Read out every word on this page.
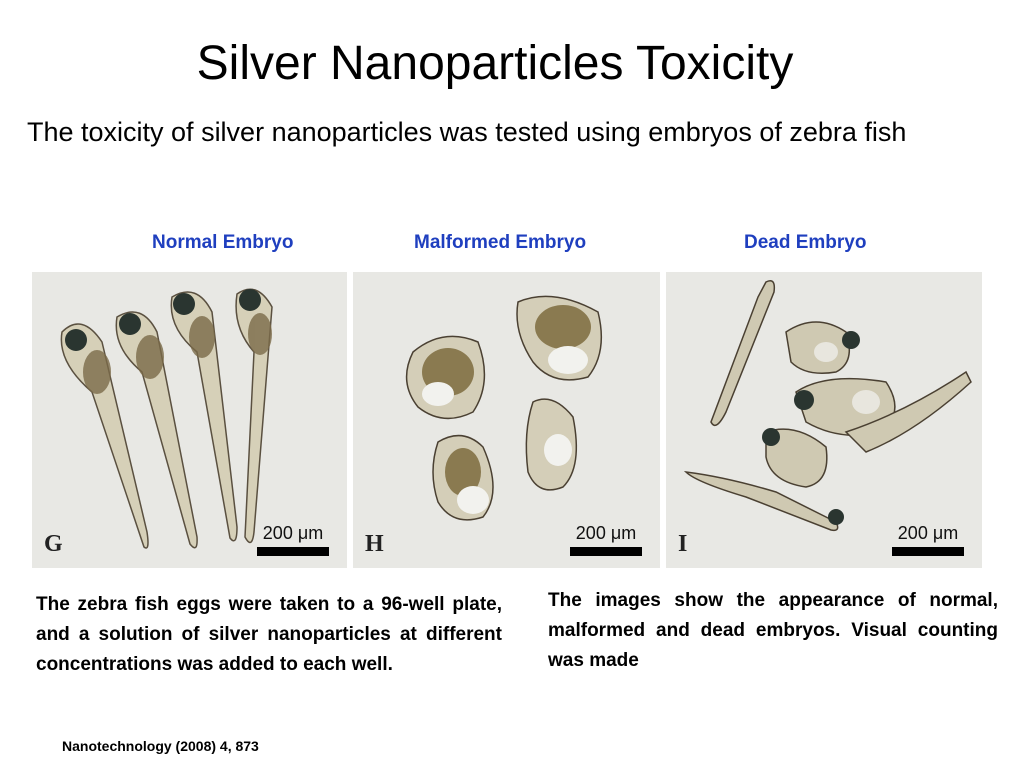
Silver Nanoparticles Toxicity
The toxicity of silver nanoparticles was tested using embryos of zebra fish
Normal Embryo	Malformed Embryo	Dead Embryo
G	200 μm H	200 μm I	200 μm
The zebra fish eggs were taken to a 96-well plate, and a solution of silver nanoparticles at different concentrations was added to each well.
The images show the appearance of normal, malformed and dead embryos. Visual counting was made
Nanotechnology (2008) 4, 873
